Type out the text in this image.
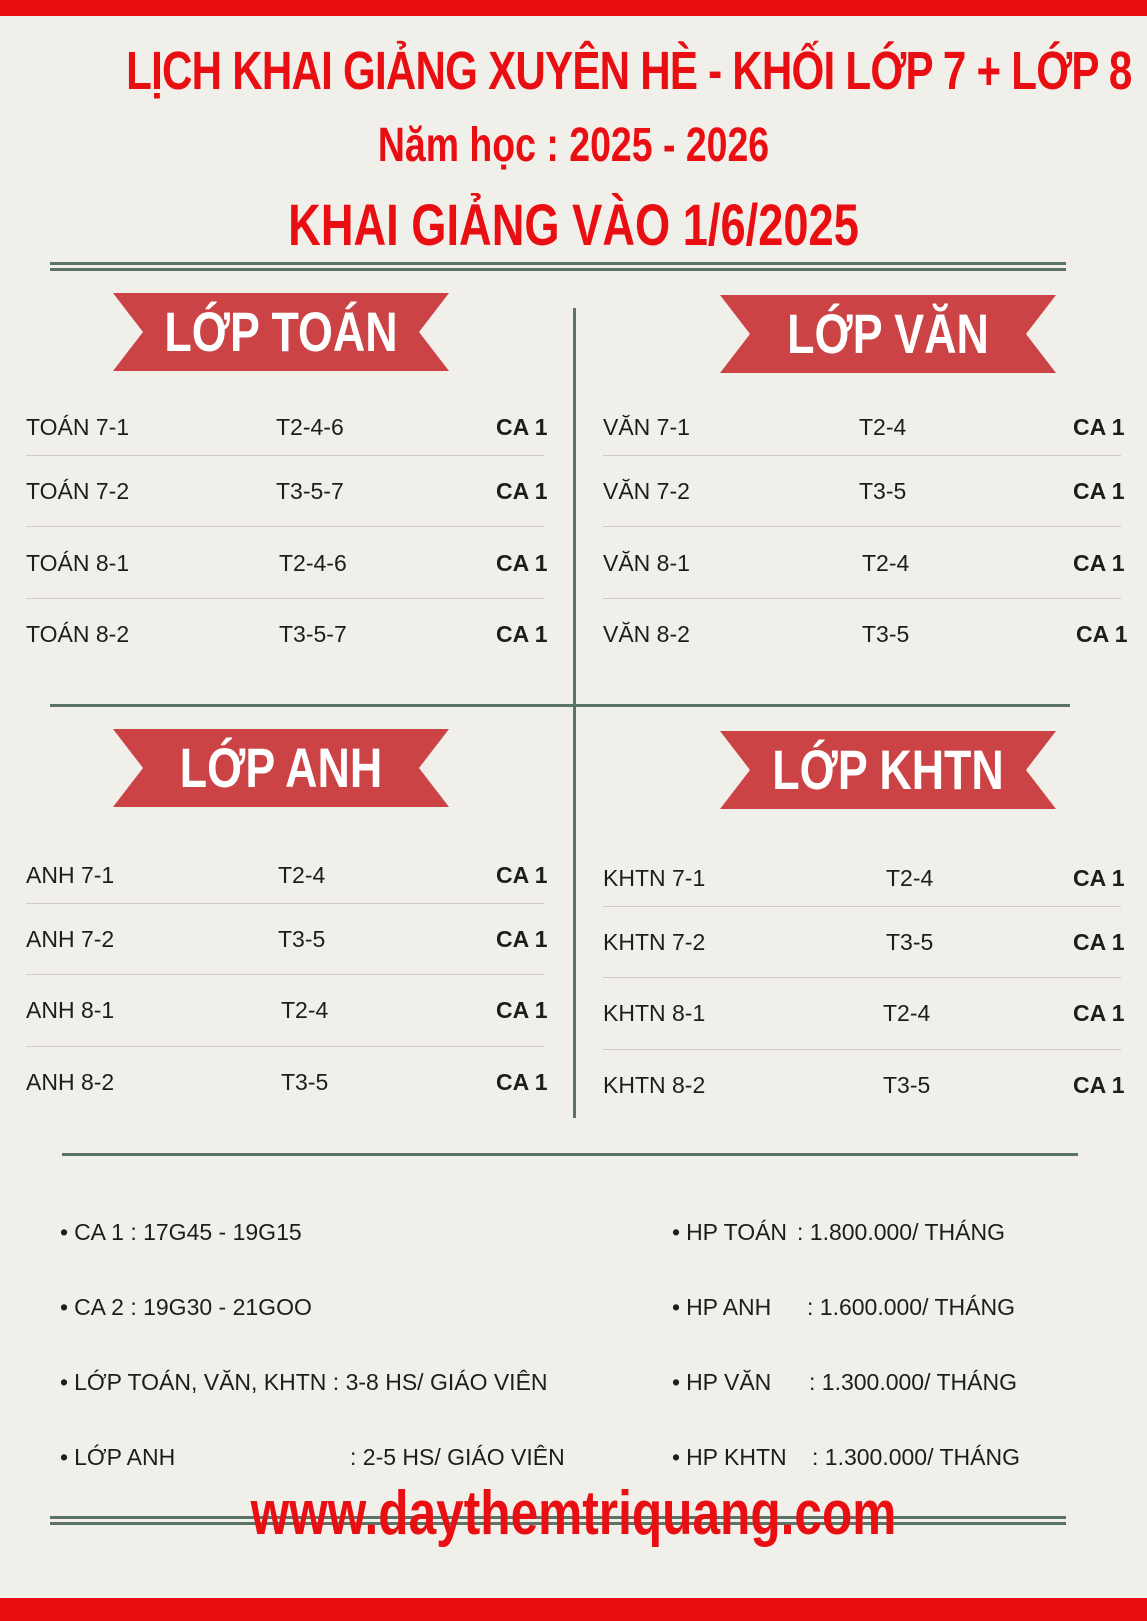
LỊCH KHAI GIẢNG XUYÊN HÈ - KHỐI LỚP 7 + LỚP 8
Năm học : 2025 - 2026
KHAI GIẢNG VÀO 1/6/2025
LỚP TOÁN	LỚP VĂN
LỚP ANH	LỚP KHTN
TOÁN 7-1	T2-4-6	CA 1
TOÁN 7-2	T3-5-7	CA 1
TOÁN 8-1	T2-4-6	CA 1
TOÁN 8-2	T3-5-7	CA 1
VĂN 7-1	T2-4	CA 1
VĂN 7-2	T3-5	CA 1
VĂN 8-1	T2-4	CA 1
VĂN 8-2	T3-5	CA 1
ANH 7-1	T2-4	CA 1
ANH 7-2	T3-5	CA 1
ANH 8-1	T2-4	CA 1
ANH 8-2	T3-5	CA 1
KHTN 7-1	T2-4	CA 1
KHTN 7-2	T3-5	CA 1
KHTN 8-1	T2-4	CA 1
KHTN 8-2	T3-5	CA 1
• CA 1 : 17G45 - 19G15
• CA 2 : 19G30 - 21GOO
• LỚP TOÁN, VĂN, KHTN : 3-8 HS/ GIÁO VIÊN
• LỚP ANH	: 2-5 HS/ GIÁO VIÊN
• HP TOÁN : 1.800.000/ THÁNG
• HP ANH : 1.600.000/ THÁNG
• HP VĂN : 1.300.000/ THÁNG
• HP KHTN : 1.300.000/ THÁNG
www.daythemtriquang.com
